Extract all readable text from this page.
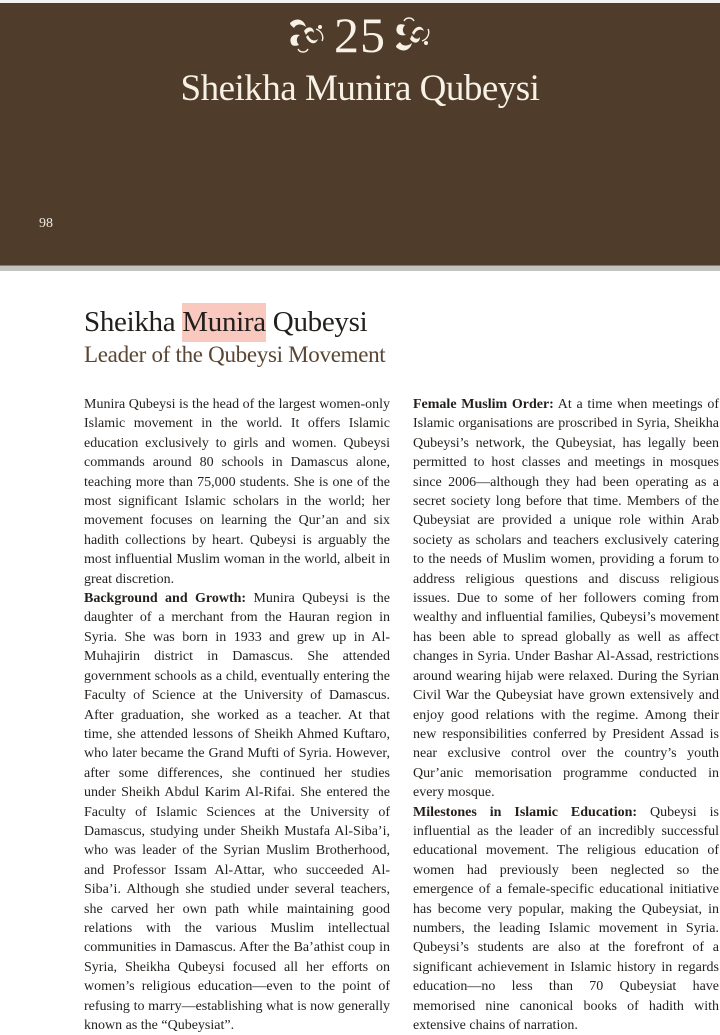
25
Sheikha Munira Qubeysi
98
Sheikha Munira Qubeysi
Leader of the Qubeysi Movement

Munira Qubeysi is the head of the largest women-only Islamic movement in the world. It offers Islamic education exclusively to girls and women. Qubeysi commands around 80 schools in Damascus alone, teaching more than 75,000 students. She is one of the most significant Islamic scholars in the world; her movement focuses on learning the Qur’an and six hadith collections by heart. Qubeysi is arguably the most influential Muslim woman in the world, albeit in great discretion.

Background and Growth: Munira Qubeysi is the daughter of a merchant from the Hauran region in Syria. She was born in 1933 and grew up in Al-Muhajirin district in Damascus. She attended government schools as a child, eventually entering the Faculty of Science at the University of Damascus. After graduation, she worked as a teacher. At that time, she attended lessons of Sheikh Ahmed Kuftaro, who later became the Grand Mufti of Syria. However, after some differences, she continued her studies under Sheikh Abdul Karim Al-Rifai. She entered the Faculty of Islamic Sciences at the University of Damascus, studying under Sheikh Mustafa Al-Siba’i, who was leader of the Syrian Muslim Brotherhood, and Professor Issam Al-Attar, who succeeded Al-Siba’i. Although she studied under several teachers, she carved her own path while maintaining good relations with the various Muslim intellectual communities in Damascus. After the Ba’athist coup in Syria, Sheikha Qubeysi focused all her efforts on women’s religious education—even to the point of refusing to marry—establishing what is now generally known as the “Qubeysiat”.

Female Muslim Order: At a time when meetings of Islamic organisations are proscribed in Syria, Sheikha Qubeysi’s network, the Qubeysiat, has legally been permitted to host classes and meetings in mosques since 2006—although they had been operating as a secret society long before that time. Members of the Qubeysiat are provided a unique role within Arab society as scholars and teachers exclusively catering to the needs of Muslim women, providing a forum to address religious questions and discuss religious issues. Due to some of her followers coming from wealthy and influential families, Qubeysi’s movement has been able to spread globally as well as affect changes in Syria. Under Bashar Al-Assad, restrictions around wearing hijab were relaxed. During the Syrian Civil War the Qubeysiat have grown extensively and enjoy good relations with the regime. Among their new responsibilities conferred by President Assad is near exclusive control over the country’s youth Qur’anic memorisation programme conducted in every mosque.

Milestones in Islamic Education: Qubeysi is influential as the leader of an incredibly successful educational movement. The religious education of women had previously been neglected so the emergence of a female-specific educational initiative has become very popular, making the Qubeysiat, in numbers, the leading Islamic movement in Syria. Qubeysi’s students are also at the forefront of a significant achievement in Islamic history in regards education—no less than 70 Qubeysiat have memorised nine canonical books of hadith with extensive chains of narration.
